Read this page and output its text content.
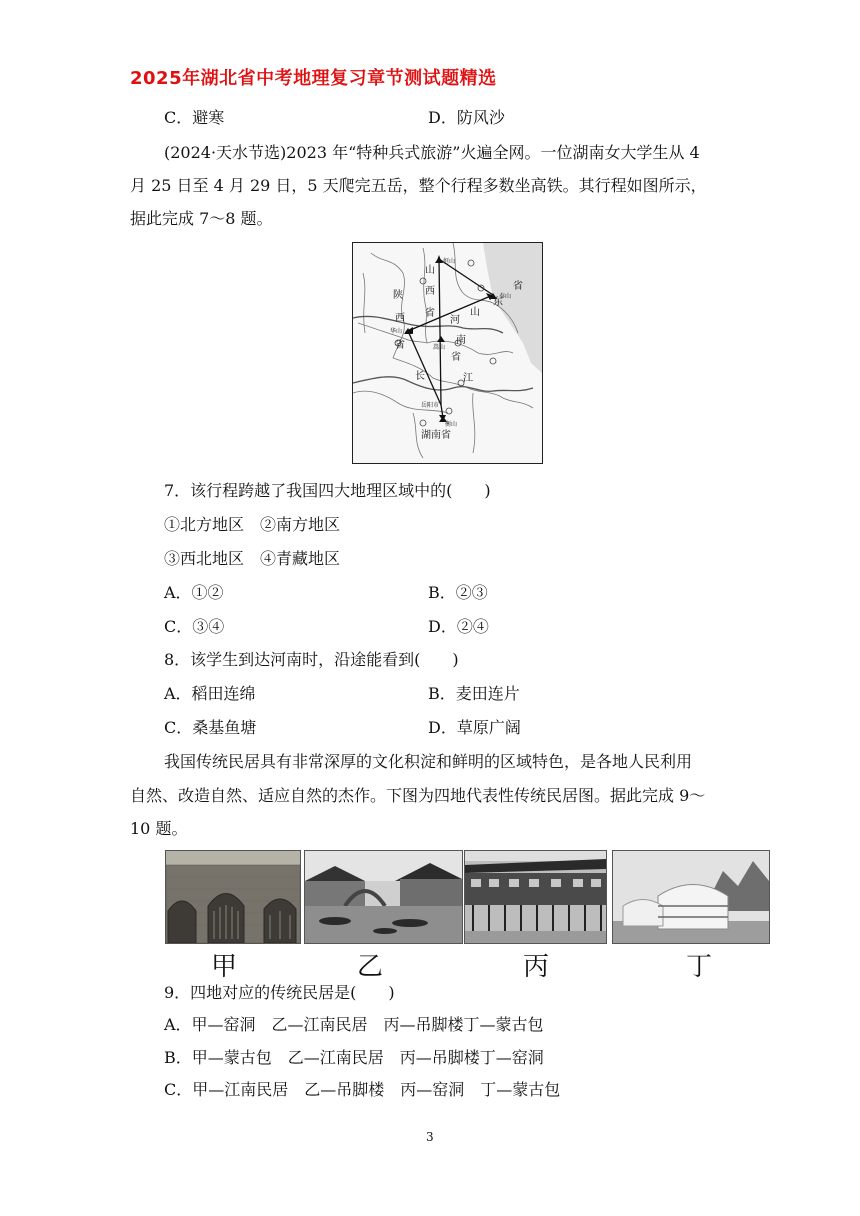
2025年湖北省中考地理复习章节测试题精选
C．避寒	D．防风沙
(2024·天水节选)2023 年“特种兵式旅游”火遍全网。一位湖南女大学生从 4
月 25 日至 4 月 29 日，5 天爬完五岳，整个行程多数坐高铁。其行程如图所示，
据此完成 7～8 题。
山
西
省
陕
西
省
河
南
省
东
省
山
长	江
湖南省
恒山
泰山
华山
嵩山
衡山
岳阳市
7．该行程跨越了我国四大地理区域中的(　　)
①北方地区　②南方地区
③西北地区　④青藏地区
A．①②	B．②③
C．③④	D．②④
8．该学生到达河南时，沿途能看到(　　)
A．稻田连绵	B．麦田连片
C．桑基鱼塘	D．草原广阔
我国传统民居具有非常深厚的文化积淀和鲜明的区域特色，是各地人民利用
自然、改造自然、适应自然的杰作。下图为四地代表性传统民居图。据此完成 9～
10 题。
甲	乙	丙	丁
9．四地对应的传统民居是(　　)
A．甲—窑洞　乙—江南民居　丙—吊脚楼丁—蒙古包
B．甲—蒙古包　乙—江南民居　丙—吊脚楼丁—窑洞
C．甲—江南民居　乙—吊脚楼　丙—窑洞　丁—蒙古包
3
